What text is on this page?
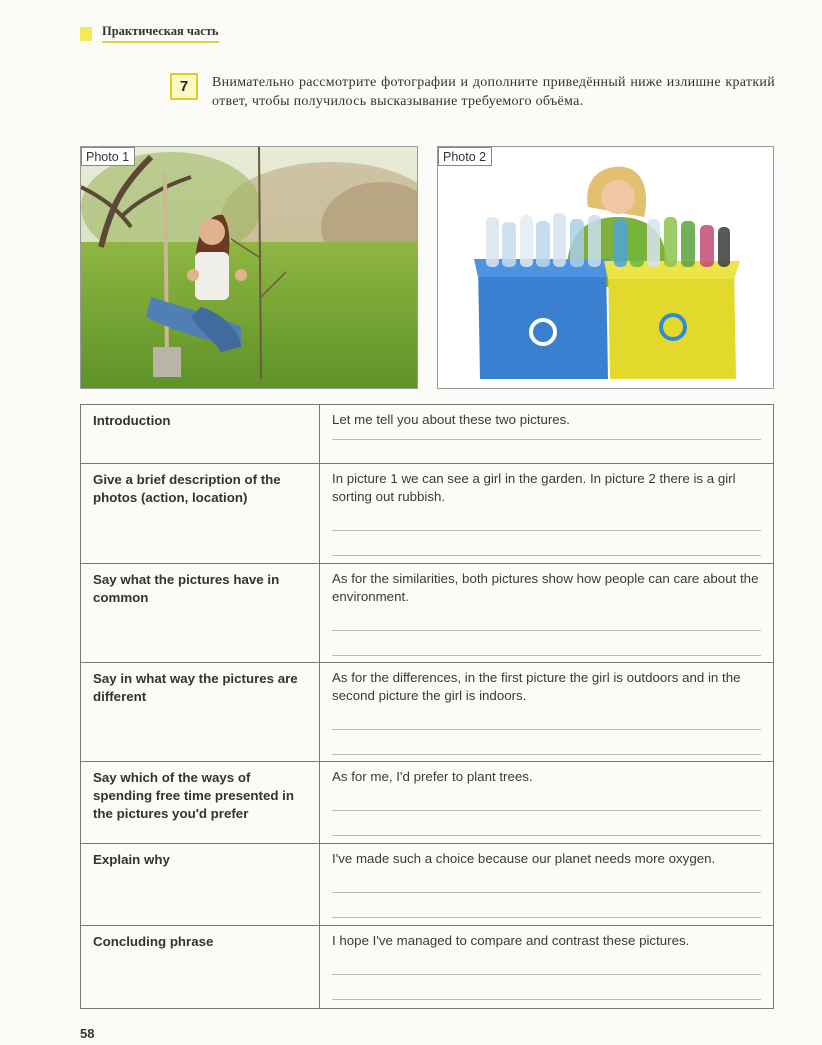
Практическая часть
7	Внимательно рассмотрите фотографии и дополните приведённый ниже излишне краткий ответ, чтобы получилось высказывание требуемого объёма.
Photo 1	Photo 2
Introduction	Let me tell you about these two pictures.

Give a brief description of the photos (action, location)	In picture 1 we can see a girl in the garden. In picture 2 there is a girl sorting out rubbish.

Say what the pictures have in common	As for the similarities, both pictures show how people can care about the environment.

Say in what way the pictures are different	As for the differences, in the first picture the girl is outdoors and in the second picture the girl is indoors.

Say which of the ways of spending free time presented in the pictures you'd prefer	As for me, I'd prefer to plant trees.

Explain why	I've made such a choice because our planet needs more oxygen.

Concluding phrase	I hope I've managed to compare and contrast these pictures.
58
